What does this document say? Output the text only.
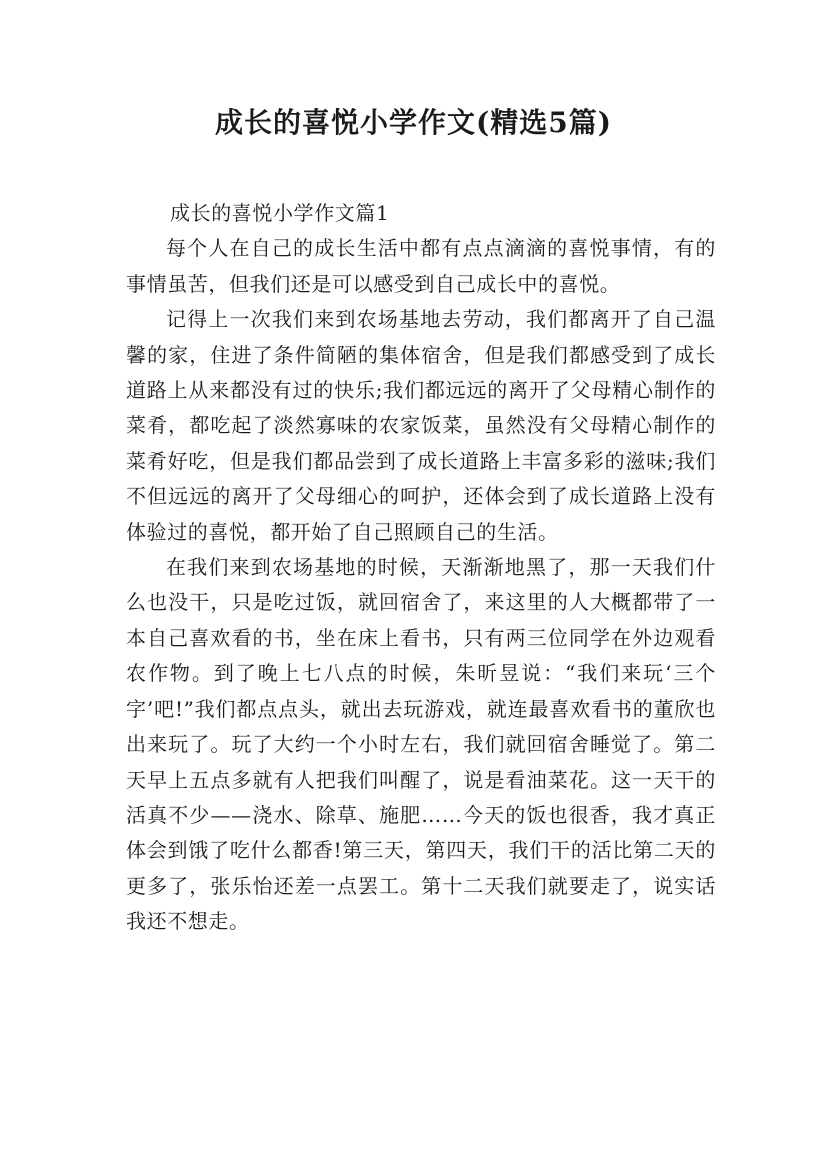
成长的喜悦小学作文(精选5篇)
成长的喜悦小学作文篇1

每个人在自己的成长生活中都有点点滴滴的喜悦事情，有的事情虽苦，但我们还是可以感受到自己成长中的喜悦。

记得上一次我们来到农场基地去劳动，我们都离开了自己温馨的家，住进了条件简陋的集体宿舍，但是我们都感受到了成长道路上从来都没有过的快乐;我们都远远的离开了父母精心制作的菜肴，都吃起了淡然寡味的农家饭菜，虽然没有父母精心制作的菜肴好吃，但是我们都品尝到了成长道路上丰富多彩的滋味;我们不但远远的离开了父母细心的呵护，还体会到了成长道路上没有体验过的喜悦，都开始了自己照顾自己的生活。

在我们来到农场基地的时候，天渐渐地黑了，那一天我们什么也没干，只是吃过饭，就回宿舍了，来这里的人大概都带了一本自己喜欢看的书，坐在床上看书，只有两三位同学在外边观看农作物。到了晚上七八点的时候，朱昕昱说：“我们来玩‘三个字’吧!”我们都点点头，就出去玩游戏，就连最喜欢看书的董欣也出来玩了。玩了大约一个小时左右，我们就回宿舍睡觉了。第二天早上五点多就有人把我们叫醒了，说是看油菜花。这一天干的活真不少——浇水、除草、施肥……今天的饭也很香，我才真正体会到饿了吃什么都香!第三天，第四天，我们干的活比第二天的更多了，张乐怡还差一点罢工。第十二天我们就要走了，说实话我还不想走。
